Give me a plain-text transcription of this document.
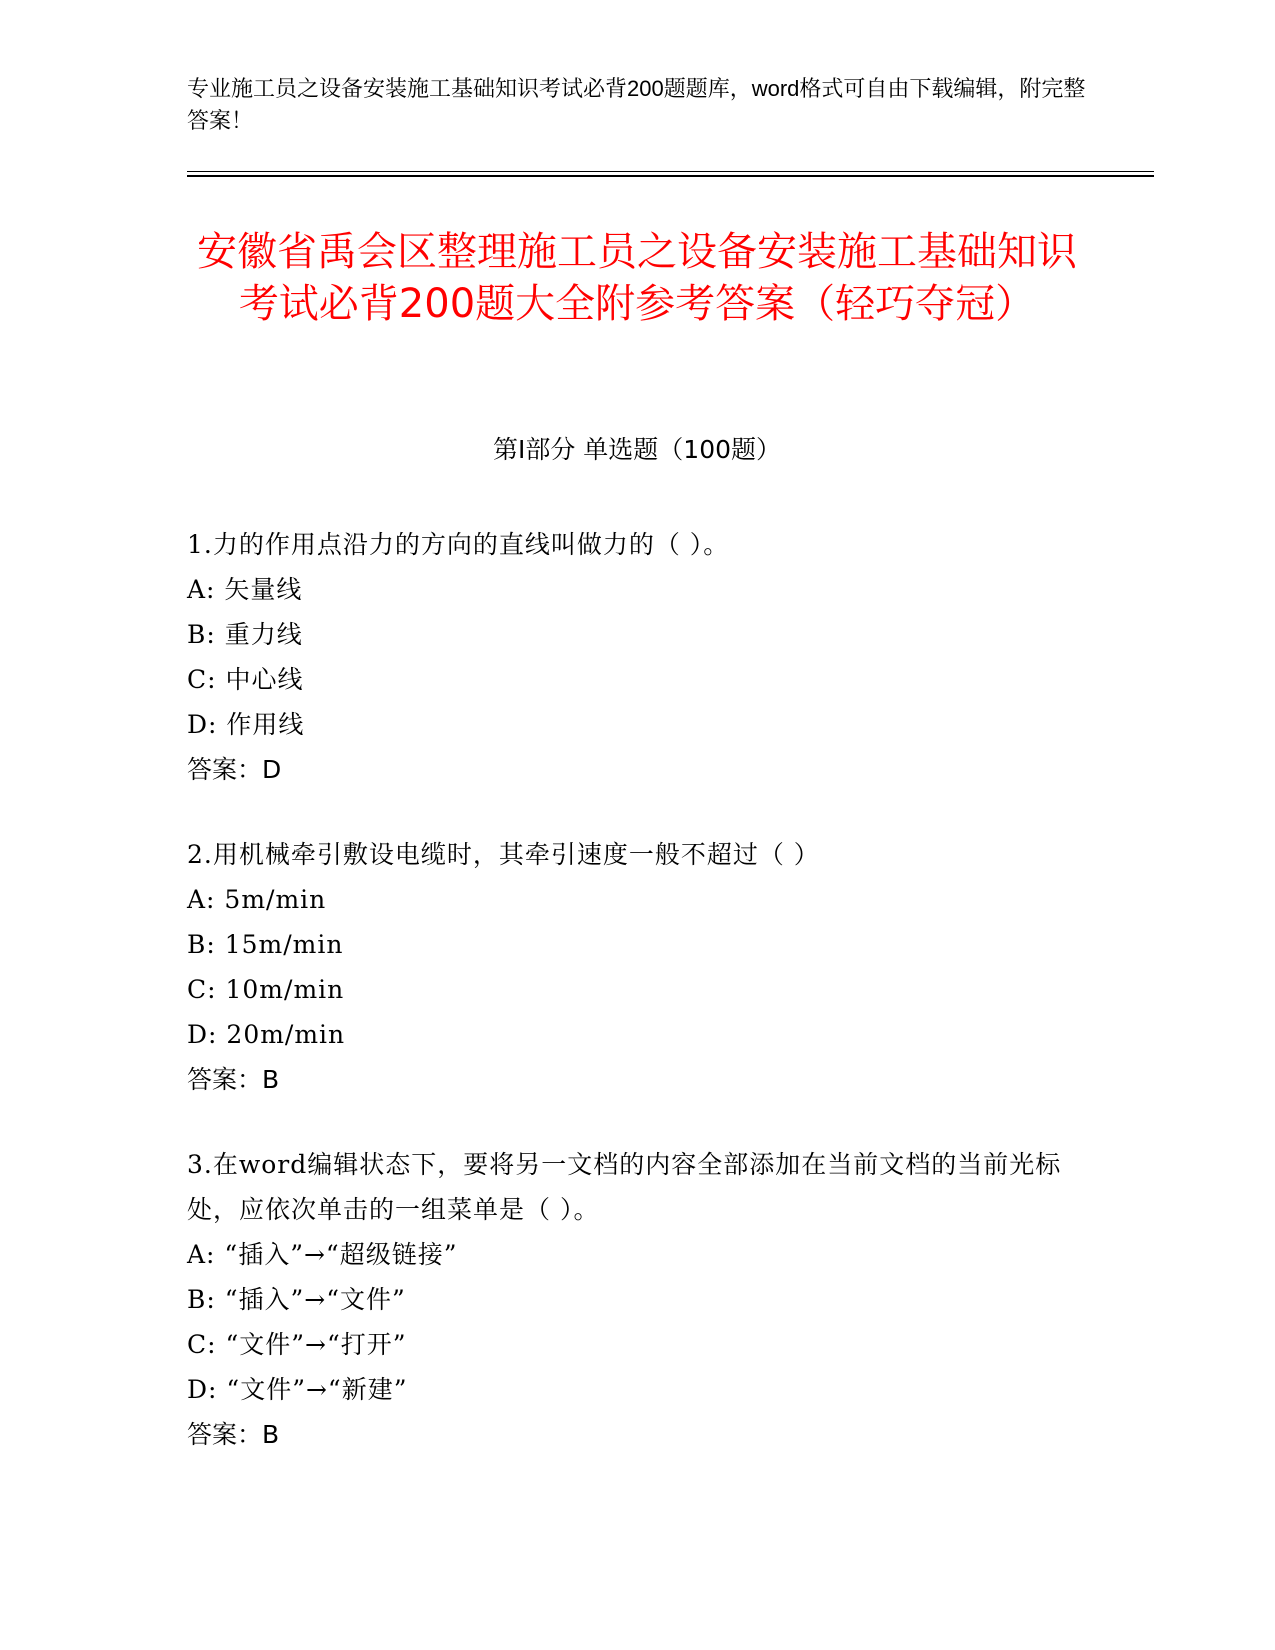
专业施工员之设备安装施工基础知识考试必背200题题库，word格式可自由下载编辑，附完整答案！
安徽省禹会区整理施工员之设备安装施工基础知识考试必背200题大全附参考答案（轻巧夺冠）
第I部分 单选题（100题）
1.力的作用点沿力的方向的直线叫做力的（ ）。
A: 矢量线
B: 重力线
C: 中心线
D: 作用线
答案：D
2.用机械牵引敷设电缆时，其牵引速度一般不超过（ ）
A: 5m/min
B: 15m/min
C: 10m/min
D: 20m/min
答案：B
3.在word编辑状态下，要将另一文档的内容全部添加在当前文档的当前光标处，应依次单击的一组菜单是（ ）。
A: “插入”→“超级链接”
B: “插入”→“文件”
C: “文件”→“打开”
D: “文件”→“新建”
答案：B
